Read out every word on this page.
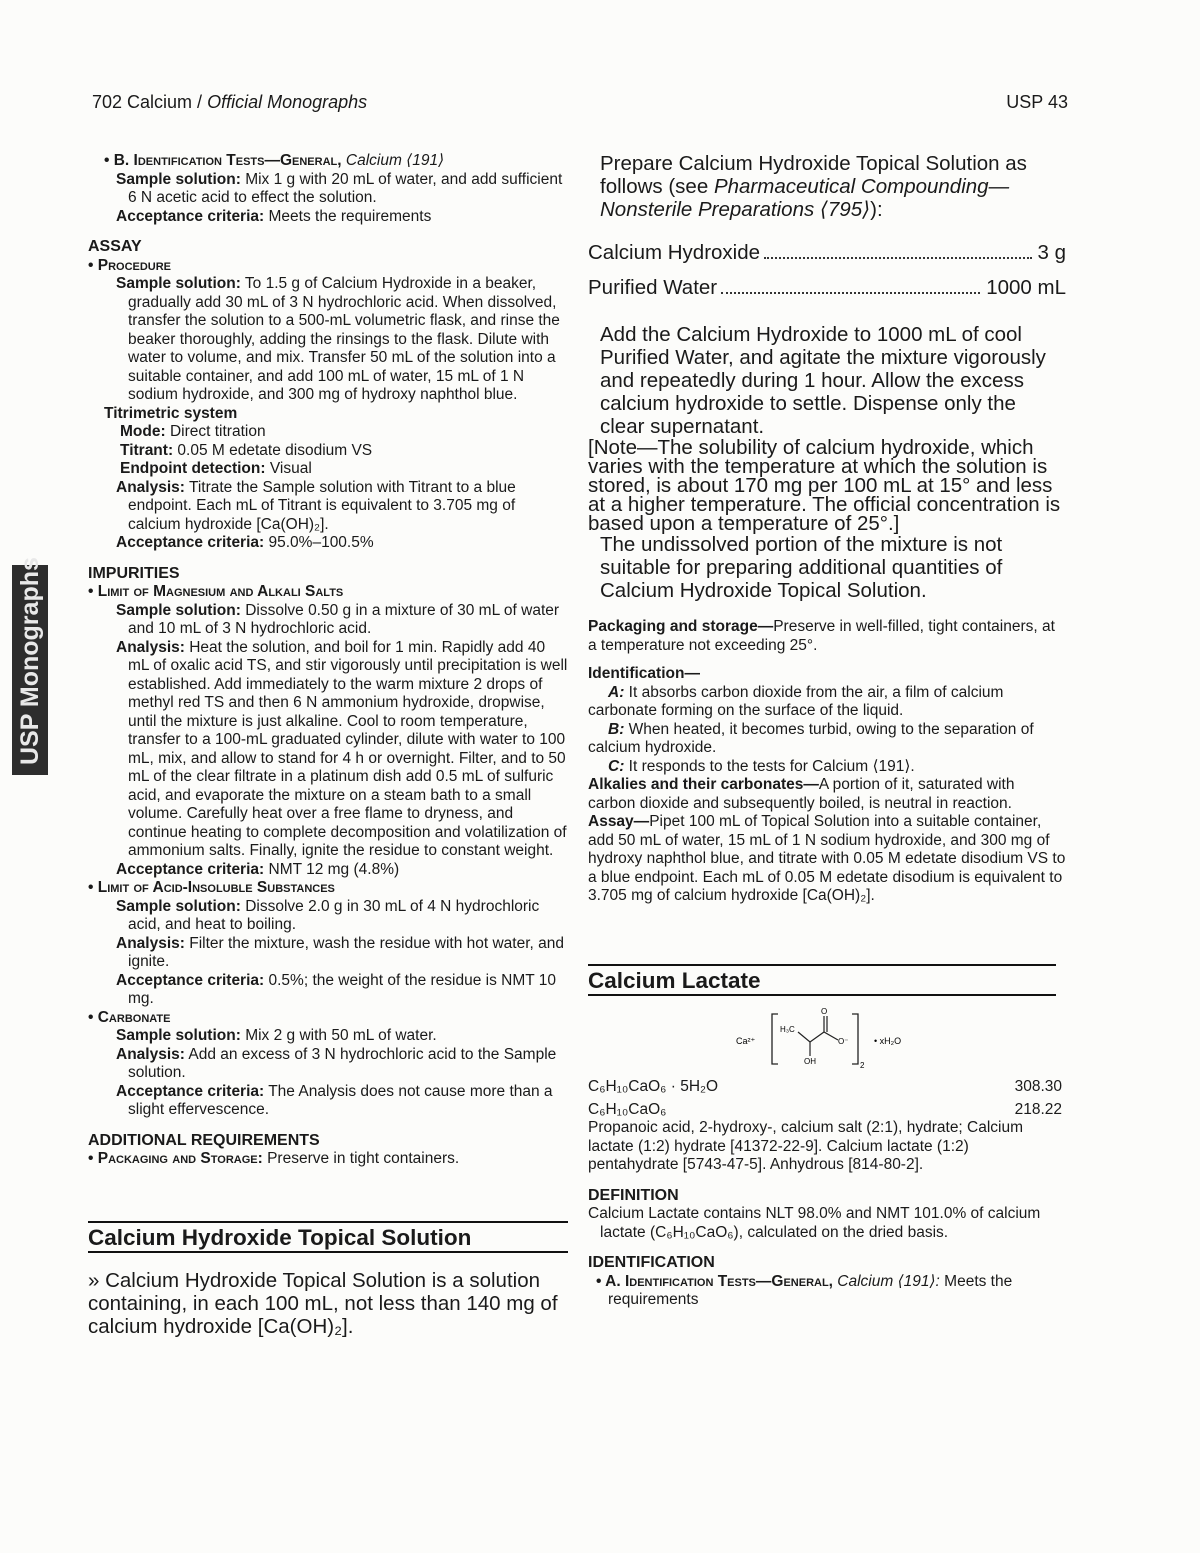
702 Calcium / Official Monographs	USP 43
USP Monographs

• B. Identification Tests—General, Calcium ⟨191⟩

Sample solution: Mix 1 g with 20 mL of water, and add sufficient 6 N acetic acid to effect the solution.

Acceptance criteria: Meets the requirements

ASSAY

• Procedure

Sample solution: To 1.5 g of Calcium Hydroxide in a beaker, gradually add 30 mL of 3 N hydrochloric acid. When dissolved, transfer the solution to a 500-mL volumetric flask, and rinse the beaker thoroughly, adding the rinsings to the flask. Dilute with water to volume, and mix. Transfer 50 mL of the solution into a suitable container, and add 100 mL of water, 15 mL of 1 N sodium hydroxide, and 300 mg of hydroxy naphthol blue.

Titrimetric system

Mode: Direct titration

Titrant: 0.05 M edetate disodium VS

Endpoint detection: Visual

Analysis: Titrate the Sample solution with Titrant to a blue endpoint. Each mL of Titrant is equivalent to 3.705 mg of calcium hydroxide [Ca(OH)₂].

Acceptance criteria: 95.0%–100.5%

IMPURITIES

• Limit of Magnesium and Alkali Salts

Sample solution: Dissolve 0.50 g in a mixture of 30 mL of water and 10 mL of 3 N hydrochloric acid.

Analysis: Heat the solution, and boil for 1 min. Rapidly add 40 mL of oxalic acid TS, and stir vigorously until precipitation is well established. Add immediately to the warm mixture 2 drops of methyl red TS and then 6 N ammonium hydroxide, dropwise, until the mixture is just alkaline. Cool to room temperature, transfer to a 100-mL graduated cylinder, dilute with water to 100 mL, mix, and allow to stand for 4 h or overnight. Filter, and to 50 mL of the clear filtrate in a platinum dish add 0.5 mL of sulfuric acid, and evaporate the mixture on a steam bath to a small volume. Carefully heat over a free flame to dryness, and continue heating to complete decomposition and volatilization of ammonium salts. Finally, ignite the residue to constant weight.

Acceptance criteria: NMT 12 mg (4.8%)

• Limit of Acid-Insoluble Substances

Sample solution: Dissolve 2.0 g in 30 mL of 4 N hydrochloric acid, and heat to boiling.

Analysis: Filter the mixture, wash the residue with hot water, and ignite.

Acceptance criteria: 0.5%; the weight of the residue is NMT 10 mg.

• Carbonate

Sample solution: Mix 2 g with 50 mL of water.

Analysis: Add an excess of 3 N hydrochloric acid to the Sample solution.

Acceptance criteria: The Analysis does not cause more than a slight effervescence.

ADDITIONAL REQUIREMENTS

• Packaging and Storage: Preserve in tight containers.

Calcium Hydroxide Topical Solution

» Calcium Hydroxide Topical Solution is a solution containing, in each 100 mL, not less than 140 mg of calcium hydroxide [Ca(OH)₂].

Prepare Calcium Hydroxide Topical Solution as follows (see Pharmaceutical Compounding—Nonsterile Preparations ⟨795⟩):

Calcium Hydroxide	3 g
Purified Water	1000 mL

Add the Calcium Hydroxide to 1000 mL of cool Purified Water, and agitate the mixture vigorously and repeatedly during 1 hour. Allow the excess calcium hydroxide to settle. Dispense only the clear supernatant.

[Note—The solubility of calcium hydroxide, which varies with the temperature at which the solution is stored, is about 170 mg per 100 mL at 15° and less at a higher temperature. The official concentration is based upon a temperature of 25°.]

The undissolved portion of the mixture is not suitable for preparing additional quantities of Calcium Hydroxide Topical Solution.

Packaging and storage—Preserve in well-filled, tight containers, at a temperature not exceeding 25°.

Identification—

A: It absorbs carbon dioxide from the air, a film of calcium carbonate forming on the surface of the liquid.

B: When heated, it becomes turbid, owing to the separation of calcium hydroxide.

C: It responds to the tests for Calcium ⟨191⟩.

Alkalies and their carbonates—A portion of it, saturated with carbon dioxide and subsequently boiled, is neutral in reaction.

Assay—Pipet 100 mL of Topical Solution into a suitable container, add 50 mL of water, 15 mL of 1 N sodium hydroxide, and 300 mg of hydroxy naphthol blue, and titrate with 0.05 M edetate disodium VS to a blue endpoint. Each mL of 0.05 M edetate disodium is equivalent to 3.705 mg of calcium hydroxide [Ca(OH)₂].

Calcium Lactate
Ca²⁺
H₃C
O
O⁻
OH	2
• xH₂O
C₆H₁₀CaO₆ · 5H₂O	308.30
C₆H₁₀CaO₆	218.22

Propanoic acid, 2-hydroxy-, calcium salt (2:1), hydrate; Calcium lactate (1:2) hydrate [41372-22-9]. Calcium lactate (1:2) pentahydrate [5743-47-5]. Anhydrous [814-80-2].

DEFINITION

Calcium Lactate contains NLT 98.0% and NMT 101.0% of calcium lactate (C₆H₁₀CaO₆), calculated on the dried basis.

IDENTIFICATION

• A. Identification Tests—General, Calcium ⟨191⟩: Meets the requirements
